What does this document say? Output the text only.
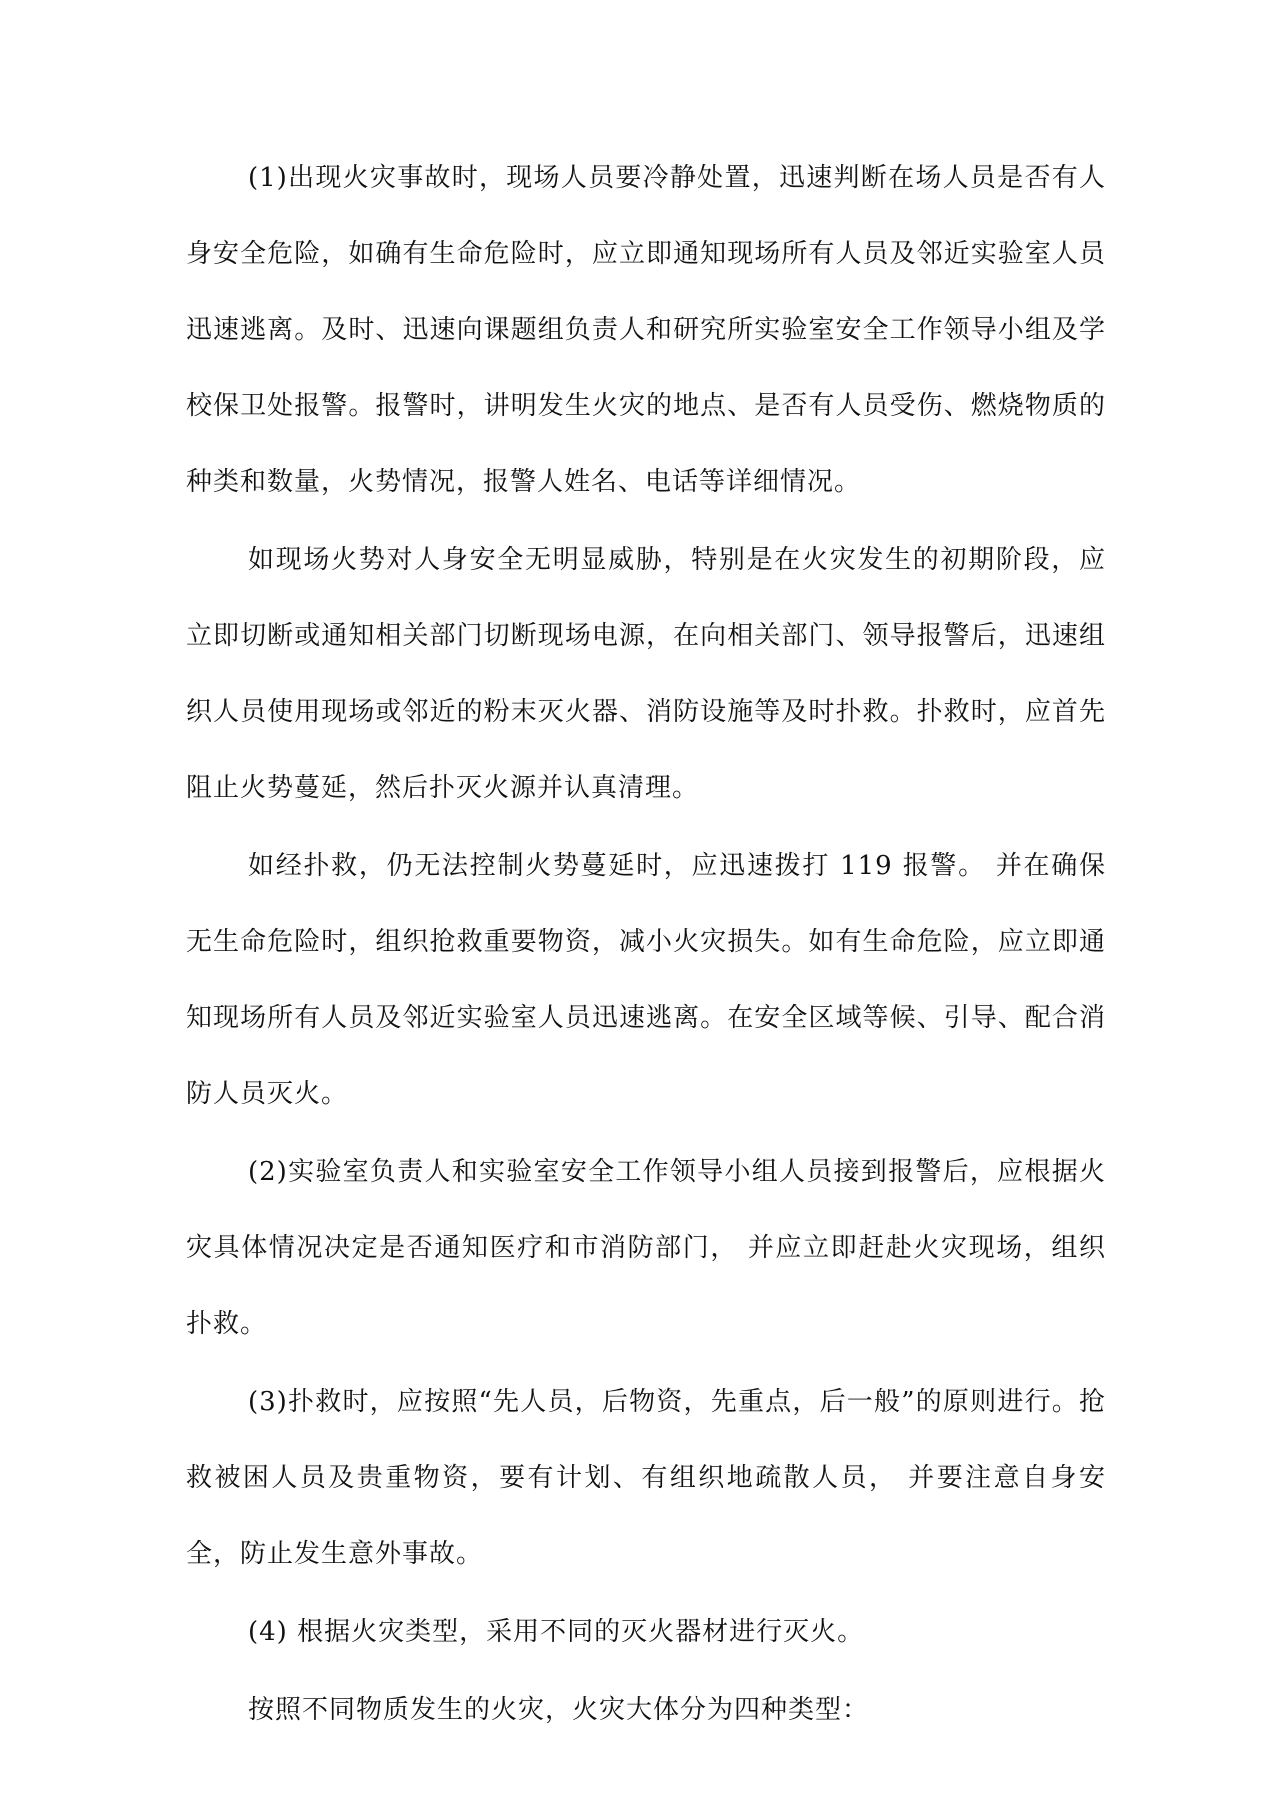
(1)出现火灾事故时，现场人员要冷静处置，迅速判断在场人员是否有人身安全危险，如确有生命危险时，应立即通知现场所有人员及邻近实验室人员迅速逃离。及时、迅速向课题组负责人和研究所实验室安全工作领导小组及学校保卫处报警。报警时，讲明发生火灾的地点、是否有人员受伤、燃烧物质的种类和数量，火势情况，报警人姓名、电话等详细情况。

如现场火势对人身安全无明显威胁，特别是在火灾发生的初期阶段，应立即切断或通知相关部门切断现场电源，在向相关部门、领导报警后，迅速组织人员使用现场或邻近的粉末灭火器、消防设施等及时扑救。扑救时，应首先阻止火势蔓延，然后扑灭火源并认真清理。

如经扑救，仍无法控制火势蔓延时，应迅速拨打 119 报警。 并在确保无生命危险时，组织抢救重要物资，减小火灾损失。如有生命危险，应立即通知现场所有人员及邻近实验室人员迅速逃离。在安全区域等候、引导、配合消防人员灭火。

(2)实验室负责人和实验室安全工作领导小组人员接到报警后，应根据火灾具体情况决定是否通知医疗和市消防部门， 并应立即赶赴火灾现场，组织扑救。

(3)扑救时，应按照“先人员，后物资，先重点，后一般”的原则进行。抢救被困人员及贵重物资，要有计划、有组织地疏散人员， 并要注意自身安全，防止发生意外事故。

(4) 根据火灾类型，采用不同的灭火器材进行灭火。

按照不同物质发生的火灾，火灾大体分为四种类型：
